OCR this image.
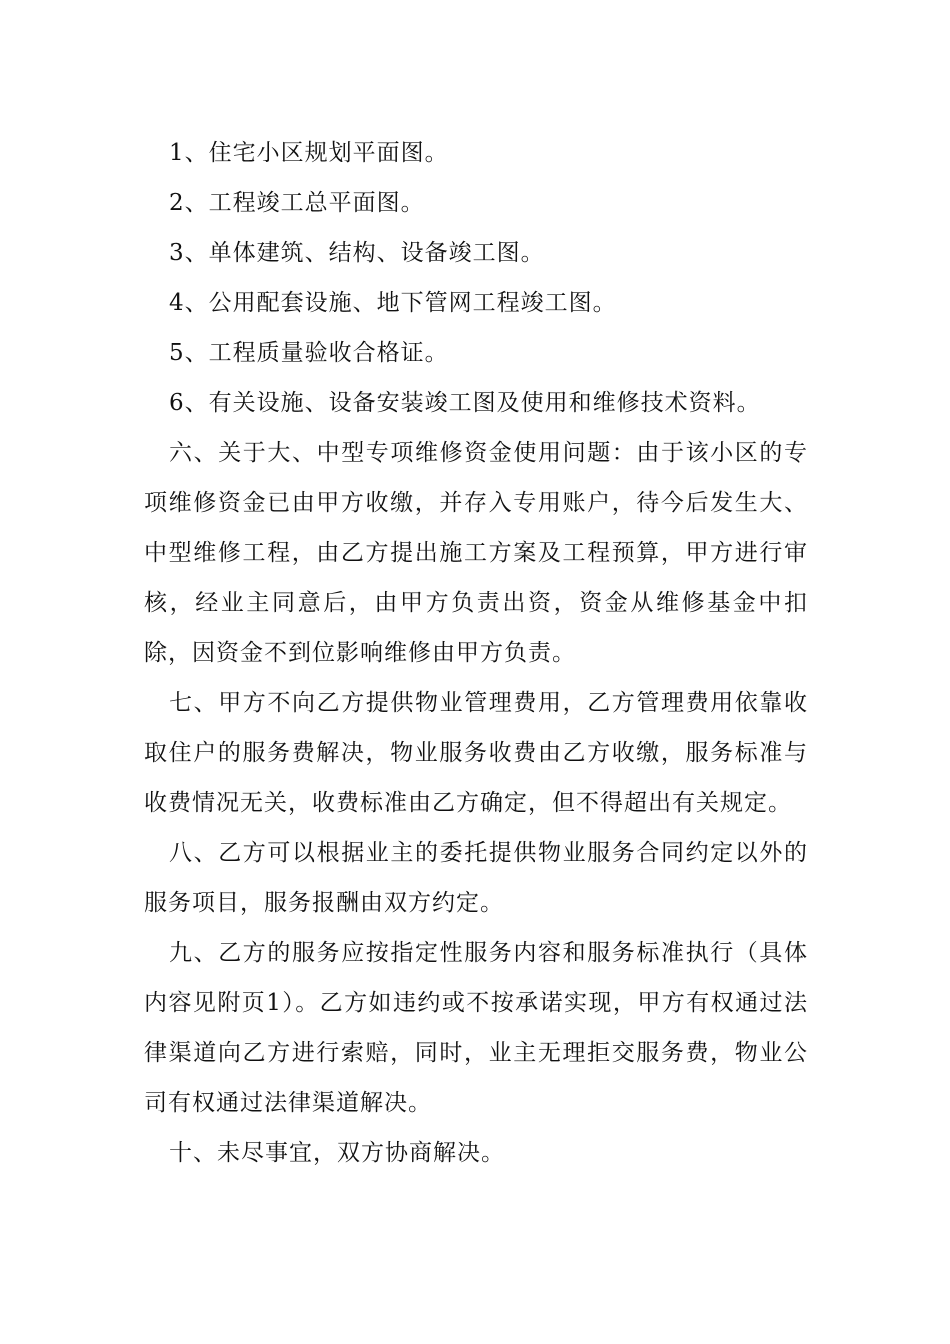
1、住宅小区规划平面图。

2、工程竣工总平面图。

3、单体建筑、结构、设备竣工图。

4、公用配套设施、地下管网工程竣工图。

5、工程质量验收合格证。

6、有关设施、设备安装竣工图及使用和维修技术资料。

六、关于大、中型专项维修资金使用问题：由于该小区的专项维修资金已由甲方收缴，并存入专用账户，待今后发生大、中型维修工程，由乙方提出施工方案及工程预算，甲方进行审核，经业主同意后，由甲方负责出资，资金从维修基金中扣除，因资金不到位影响维修由甲方负责。

七、甲方不向乙方提供物业管理费用，乙方管理费用依靠收取住户的服务费解决，物业服务收费由乙方收缴，服务标准与收费情况无关，收费标准由乙方确定，但不得超出有关规定。

八、乙方可以根据业主的委托提供物业服务合同约定以外的服务项目，服务报酬由双方约定。

九、乙方的服务应按指定性服务内容和服务标准执行（具体内容见附页1）。乙方如违约或不按承诺实现，甲方有权通过法律渠道向乙方进行索赔，同时，业主无理拒交服务费，物业公司有权通过法律渠道解决。

十、未尽事宜，双方协商解决。
